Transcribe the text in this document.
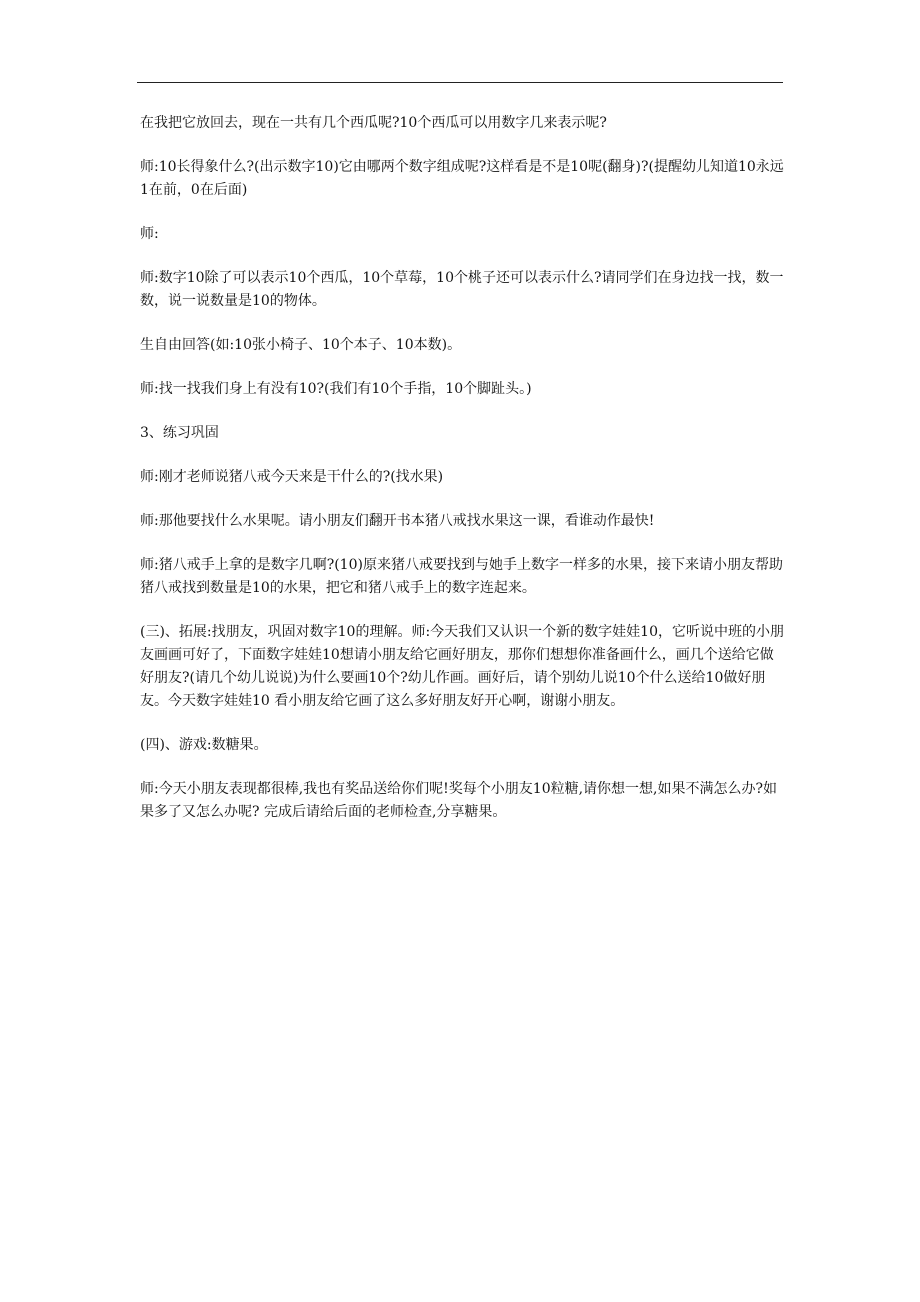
在我把它放回去，现在一共有几个西瓜呢?10个西瓜可以用数字几来表示呢?

师:10长得象什么?(出示数字10)它由哪两个数字组成呢?这样看是不是10呢(翻身)?(提醒幼儿知道10永远1在前，0在后面)

师:

师:数字10除了可以表示10个西瓜，10个草莓，10个桃子还可以表示什么?请同学们在身边找一找，数一数，说一说数量是10的物体。

生自由回答(如:10张小椅子、10个本子、10本数)。

师:找一找我们身上有没有10?(我们有10个手指，10个脚趾头。)

3、练习巩固

师:刚才老师说猪八戒今天来是干什么的?(找水果)

师:那他要找什么水果呢。请小朋友们翻开书本猪八戒找水果这一课，看谁动作最快!

师:猪八戒手上拿的是数字几啊?(10)原来猪八戒要找到与她手上数字一样多的水果，接下来请小朋友帮助猪八戒找到数量是10的水果，把它和猪八戒手上的数字连起来。

(三)、拓展:找朋友，巩固对数字10的理解。师:今天我们又认识一个新的数字娃娃10，它听说中班的小朋友画画可好了，下面数字娃娃10想请小朋友给它画好朋友，那你们想想你准备画什么，画几个送给它做好朋友?(请几个幼儿说说)为什么要画10个?幼儿作画。画好后，请个别幼儿说10个什么送给10做好朋友。今天数字娃娃10 看小朋友给它画了这么多好朋友好开心啊，谢谢小朋友。

(四)、游戏:数糖果。

师:今天小朋友表现都很棒,我也有奖品送给你们呢!奖每个小朋友10粒糖,请你想一想,如果不满怎么办?如果多了又怎么办呢? 完成后请给后面的老师检查,分享糖果。
